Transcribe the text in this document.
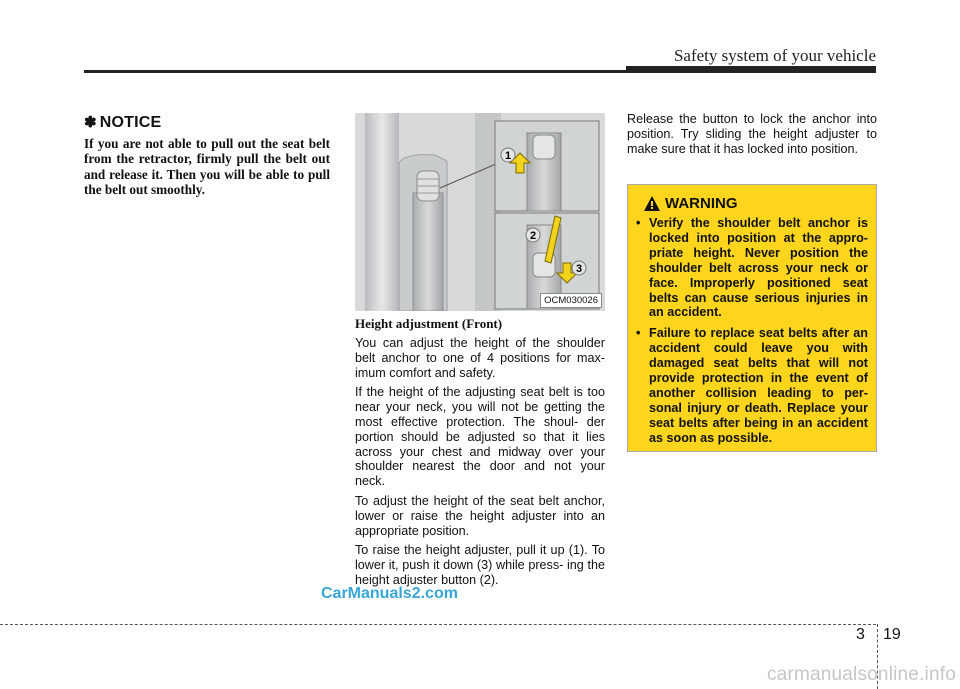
Safety system of your vehicle

✽ NOTICE

If you are not able to pull out the seat belt from the retractor, firmly pull the belt out and release it. Then you will be able to pull the belt out smoothly.

1
2
3
OCM030026

Height adjustment (Front)

You can adjust the height of the shoulder belt anchor to one of 4 positions for max- imum comfort and safety.

If the height of the adjusting seat belt is too near your neck, you will not be getting the most effective protection. The shoul- der portion should be adjusted so that it lies across your chest and midway over your shoulder nearest the door and not your neck.

To adjust the height of the seat belt anchor, lower or raise the height adjuster into an appropriate position.

To raise the height adjuster, pull it up (1). To lower it, push it down (3) while press- ing the height adjuster button (2).

Release the button to lock the anchor into position. Try sliding the height adjuster to make sure that it has locked into position.

WARNING
• Verify the shoulder belt anchor is locked into position at the appro- priate height. Never position the shoulder belt across your neck or face. Improperly positioned seat belts can cause serious injuries in an accident.
• Failure to replace seat belts after an accident could leave you with damaged seat belts that will not provide protection in the event of another collision leading to per- sonal injury or death. Replace your seat belts after being in an accident as soon as possible.
CarManuals2.com
3 19
carmanualsonline.info
